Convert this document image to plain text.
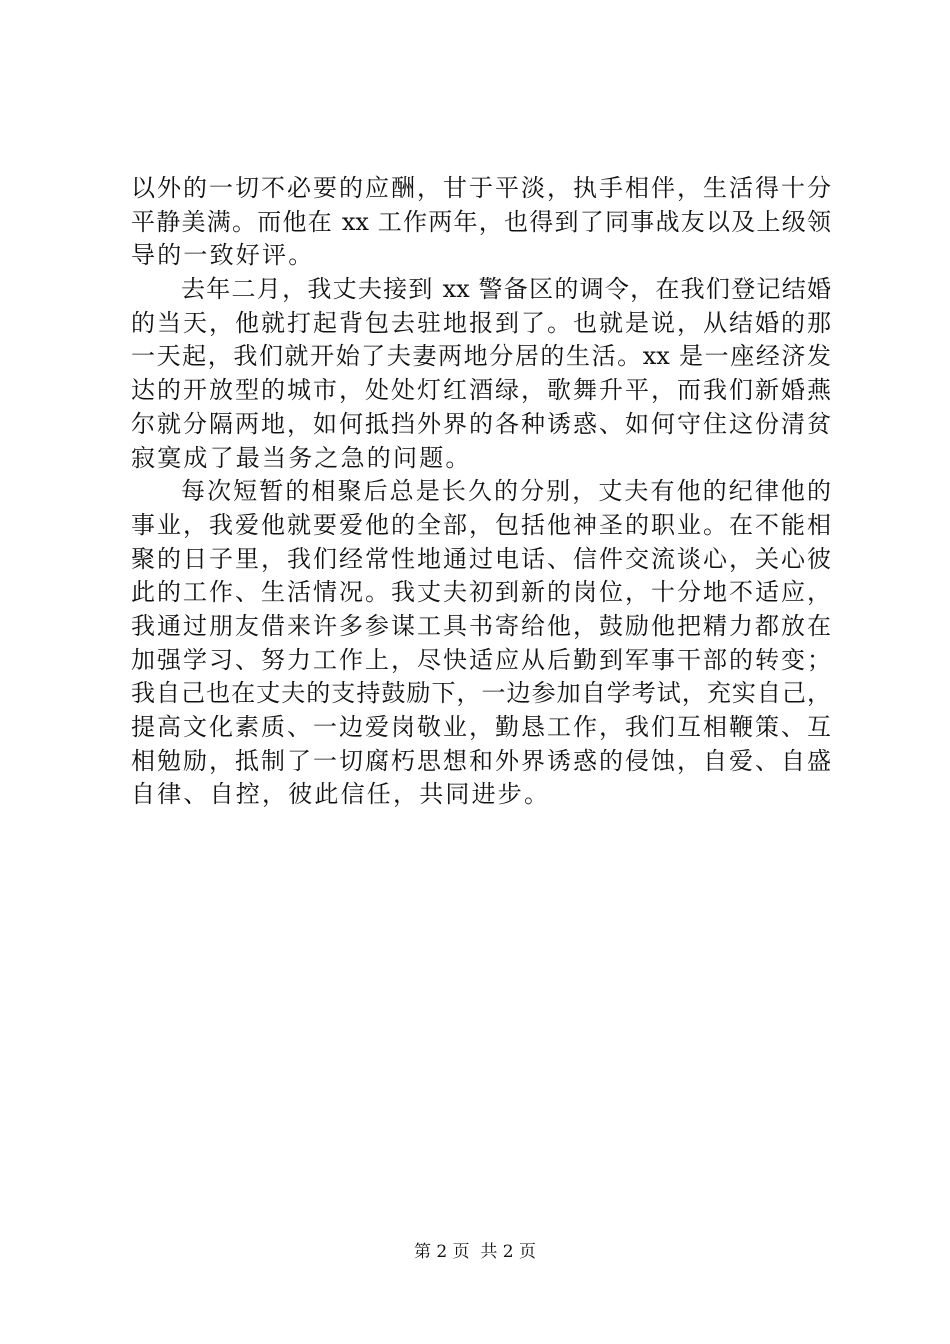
以外的一切不必要的应酬，甘于平淡，执手相伴，生活得十分
平静美满。而他在 xx 工作两年，也得到了同事战友以及上级领
导的一致好评。
去年二月，我丈夫接到 xx 警备区的调令，在我们登记结婚
的当天，他就打起背包去驻地报到了。也就是说，从结婚的那
一天起，我们就开始了夫妻两地分居的生活。xx 是一座经济发
达的开放型的城市，处处灯红酒绿，歌舞升平，而我们新婚燕
尔就分隔两地，如何抵挡外界的各种诱惑、如何守住这份清贫
寂寞成了最当务之急的问题。
每次短暂的相聚后总是长久的分别，丈夫有他的纪律他的
事业，我爱他就要爱他的全部，包括他神圣的职业。在不能相
聚的日子里，我们经常性地通过电话、信件交流谈心，关心彼
此的工作、生活情况。我丈夫初到新的岗位，十分地不适应，
我通过朋友借来许多参谋工具书寄给他，鼓励他把精力都放在
加强学习、努力工作上，尽快适应从后勤到军事干部的转变；
我自己也在丈夫的支持鼓励下，一边参加自学考试，充实自己，
提高文化素质、一边爱岗敬业，勤恳工作，我们互相鞭策、互
相勉励，抵制了一切腐朽思想和外界诱惑的侵蚀，自爱、自盛
自律、自控，彼此信任，共同进步。
第 2 页 共 2 页
